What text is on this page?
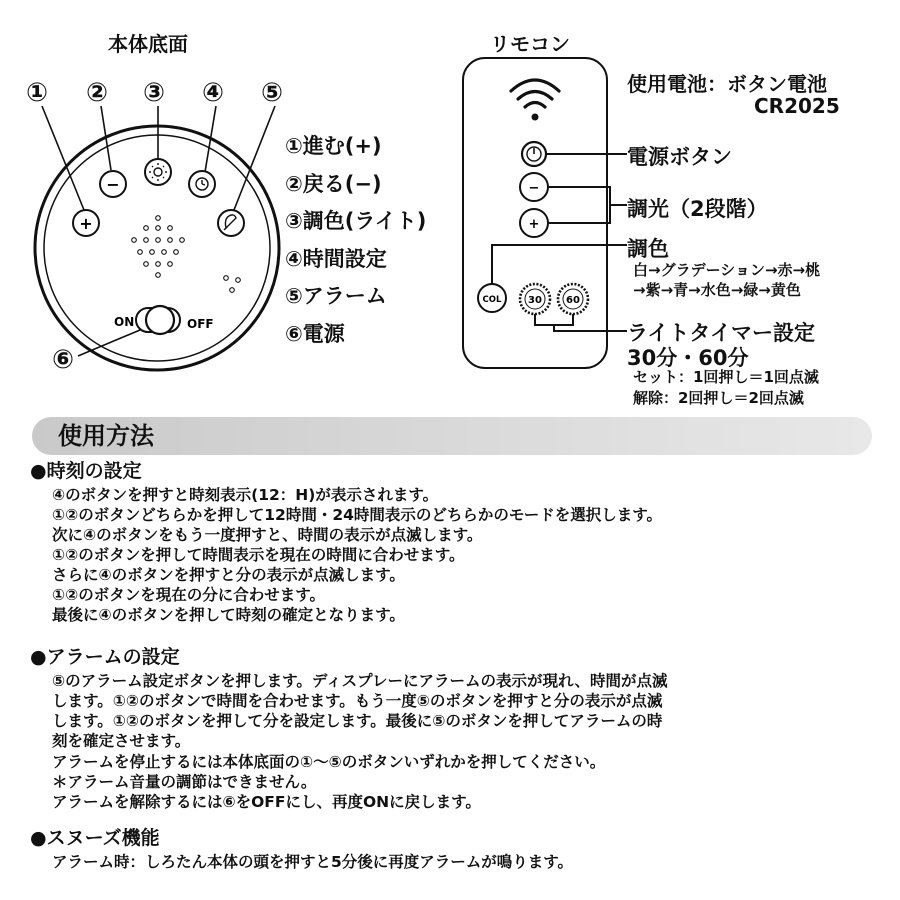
本体底面
① ② ③ ④ ⑤
⑥
+
−
ON	OFF
①進む(+)
②戻る(−)
③調色(ライト)
④時間設定
⑤アラーム
⑥電源
リモコン
−
+
COL	30 60
使用電池：ボタン電池
CR2025
電源ボタン
調光（2段階）
調色
白→グラデーション→赤→桃
→紫→青→水色→緑→黄色
ライトタイマー設定
30分・60分
セット：1回押し＝1回点滅
解除：2回押し＝2回点滅
使用方法
●時刻の設定
④のボタンを押すと時刻表示(12：H)が表示されます。
①②のボタンどちらかを押して12時間・24時間表示のどちらかのモードを選択します。
次に④のボタンをもう一度押すと、時間の表示が点滅します。
①②のボタンを押して時間表示を現在の時間に合わせます。
さらに④のボタンを押すと分の表示が点滅します。
①②のボタンを現在の分に合わせます。
最後に④のボタンを押して時刻の確定となります。
●アラームの設定
⑤のアラーム設定ボタンを押します。ディスプレーにアラームの表示が現れ、時間が点滅
します。①②のボタンで時間を合わせます。もう一度⑤のボタンを押すと分の表示が点滅
します。①②のボタンを押して分を設定します。最後に⑤のボタンを押してアラームの時
刻を確定させます。
アラームを停止するには本体底面の①〜⑤のボタンいずれかを押してください。
＊アラーム音量の調節はできません。
アラームを解除するには⑥をOFFにし、再度ONに戻します。
●スヌーズ機能
アラーム時：しろたん本体の頭を押すと5分後に再度アラームが鳴ります。
